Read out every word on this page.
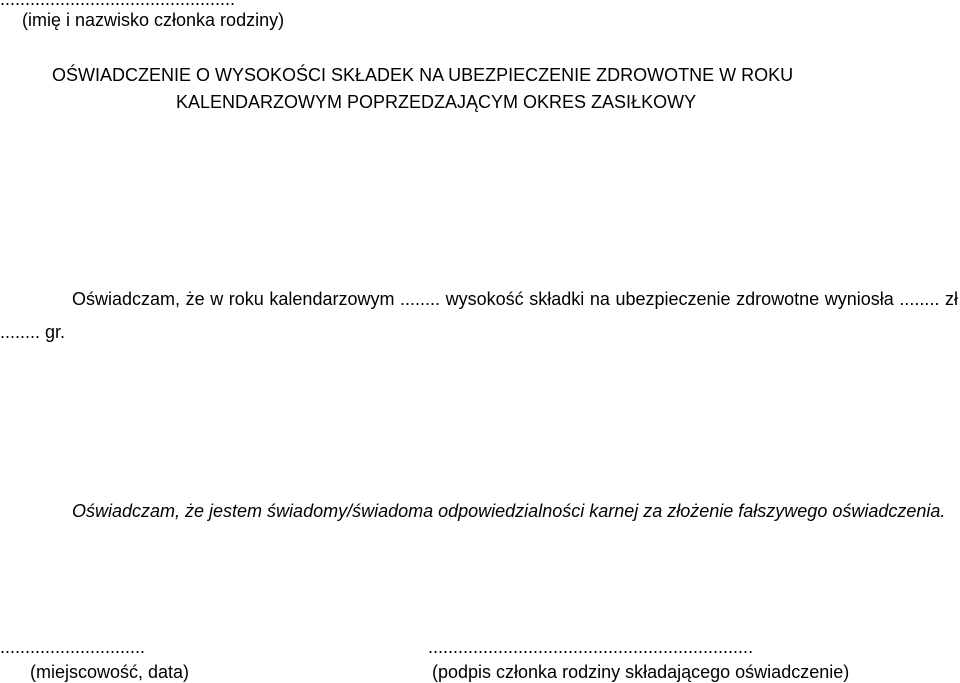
(imię i nazwisko członka rodziny)
OŚWIADCZENIE O WYSOKOŚCI SKŁADEK NA UBEZPIECZENIE ZDROWOTNE W ROKU
KALENDARZOWYM POPRZEDZAJĄCYM OKRES ZASIŁKOWY

Oświadczam, że w roku kalendarzowym ........ wysokość składki na ubezpieczenie zdrowotne wyniosła ........ zł ........ gr.

Oświadczam, że jestem świadomy/świadoma odpowiedzialności karnej za złożenie fałszywego oświadczenia.

.............................
(miejscowość, data)
.................................................................
(podpis członka rodziny składającego oświadczenie)
